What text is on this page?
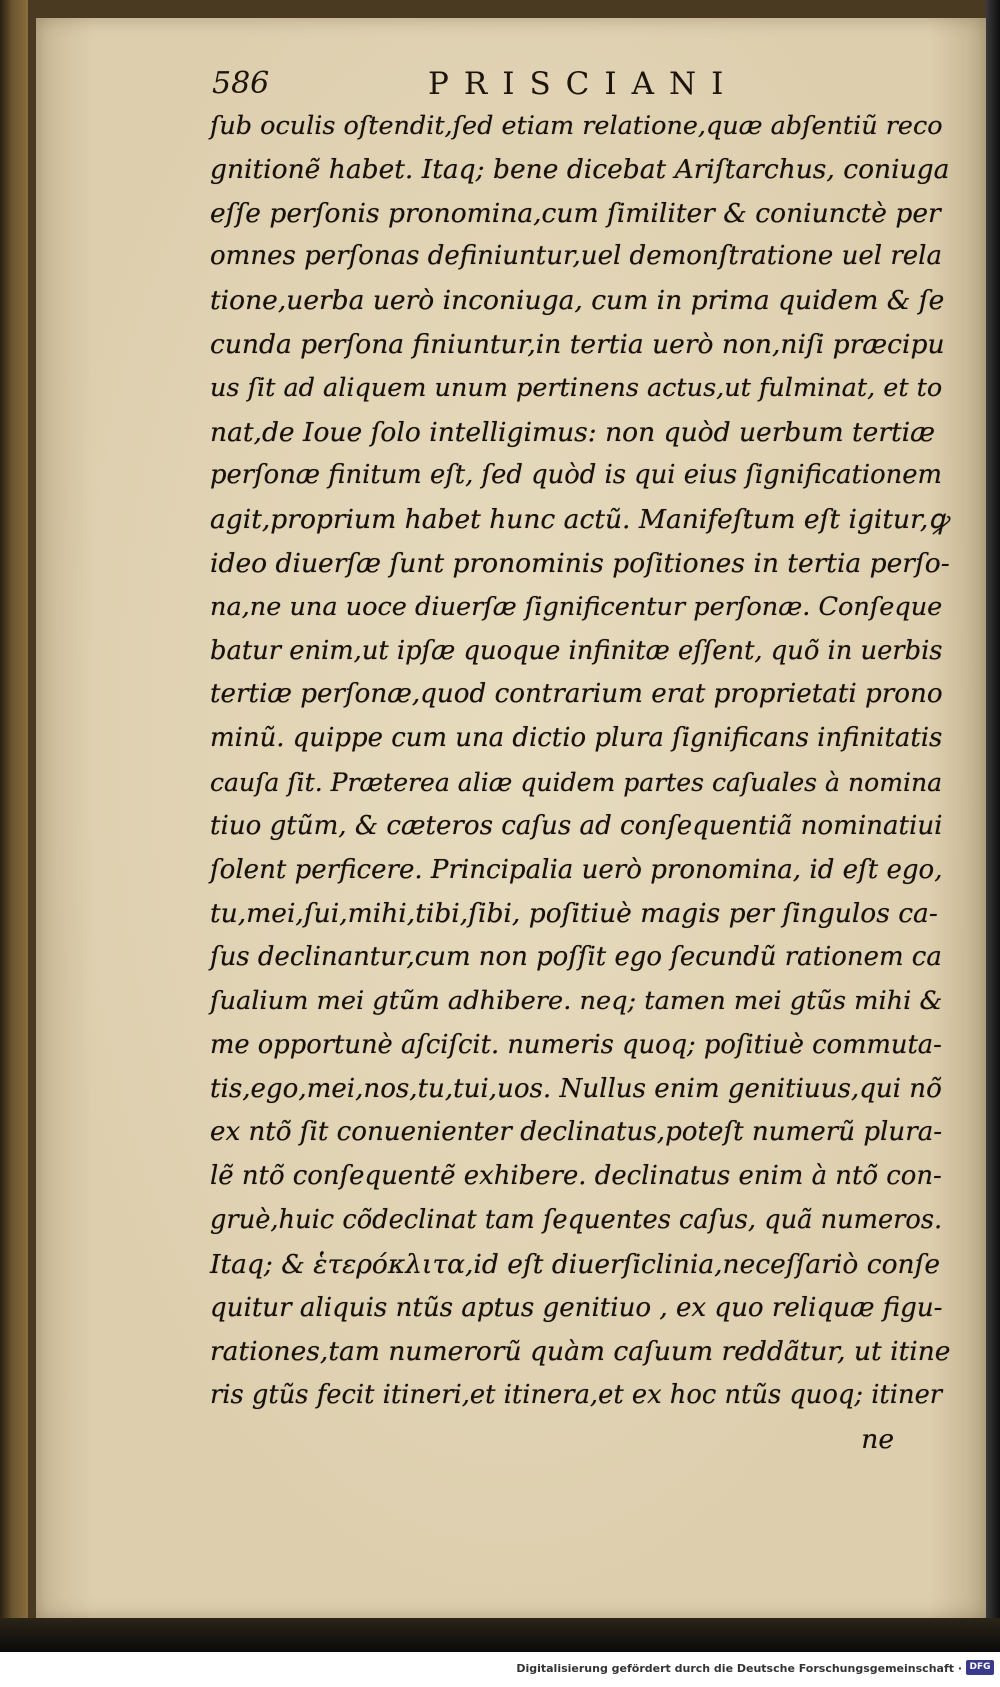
586	PRISCIANI
ſub oculis oſtendit,ſed etiam relatione,quæ abſentiũ reco
gnitionẽ habet. Itaq; bene dicebat Ariſtarchus, coniuga
eſſe perſonis pronomina,cum ſimiliter & coniunctè per
omnes perſonas definiuntur,uel demonſtratione uel rela
tione,uerba uerò inconiuga, cum in prima quidem & ſe
cunda perſona finiuntur,in tertia uerò non,niſi præcipu
us ſit ad aliquem unum pertinens actus,ut fulminat, et to
nat,de Ioue ſolo intelligimus: non quòd uerbum tertiæ
perſonæ finitum eſt, ſed quòd is qui eius ſignificationem
agit,proprium habet hunc actũ. Manifeſtum eſt igitur,ꝙ
ideo diuerſæ ſunt pronominis poſitiones in tertia perſo-
na,ne una uoce diuerſæ ſignificentur perſonæ. Conſeque
batur enim,ut ipſæ quoque infinitæ eſſent, quõ in uerbis
tertiæ perſonæ,quod contrarium erat proprietati prono
minũ. quippe cum una dictio plura ſignificans infinitatis
cauſa ſit. Præterea aliæ quidem partes caſuales à nomina
tiuo gtũm, & cæteros caſus ad conſequentiã nominatiui
ſolent perficere. Principalia uerò pronomina, id eſt ego,
tu,mei,ſui,mihi,tibi,ſibi, poſitiuè magis per ſingulos ca-
ſus declinantur,cum non poſſit ego ſecundũ rationem ca
ſualium mei gtũm adhibere. neq; tamen mei gtũs mihi &
me opportunè aſciſcit. numeris quoq; poſitiuè commuta-
tis,ego,mei,nos,tu,tui,uos. Nullus enim genitiuus,qui nõ
ex ntõ ſit conuenienter declinatus,poteſt numerũ plura-
lẽ ntõ conſequentẽ exhibere. declinatus enim à ntõ con-
gruè,huic cõdeclinat tam ſequentes caſus, quã numeros.
Itaq; & ἑτερόκλιτα,id eſt diuerſiclinia,neceſſariò conſe
quitur aliquis ntũs aptus genitiuo , ex quo reliquæ figu-
rationes,tam numerorũ quàm caſuum reddãtur, ut itine
ris gtũs fecit itineri,et itinera,et ex hoc ntũs quoq; itiner
ne
Digitalisierung gefördert durch die Deutsche Forschungsgemeinschaft · DFG
